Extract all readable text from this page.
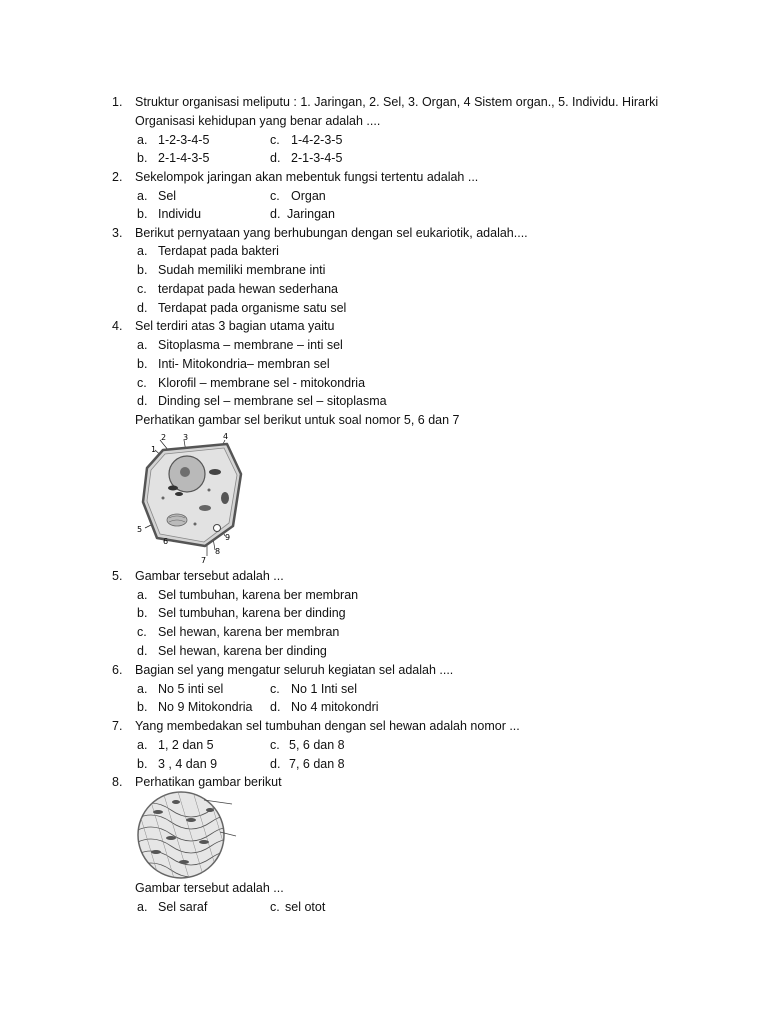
1. Struktur organisasi meliputu : 1. Jaringan, 2. Sel, 3. Organ, 4 Sistem organ., 5. Individu. Hirarki
Organisasi kehidupan yang benar adalah ....
a. 1-2-3-4-5	c. 1-4-2-3-5
b. 2-1-4-3-5	d. 2-1-3-4-5
2. Sekelompok jaringan akan mebentuk fungsi tertentu adalah ...
a. Sel	c. Organ
b. Individu	d. Jaringan
3. Berikut pernyataan yang berhubungan dengan sel eukariotik, adalah....
a. Terdapat pada bakteri
b. Sudah memiliki membrane inti
c. terdapat pada hewan sederhana
d. Terdapat pada organisme satu sel
4. Sel terdiri atas 3 bagian utama yaitu
a. Sitoplasma – membrane – inti sel
b. Inti- Mitokondria– membran sel
c. Klorofil – membrane sel - mitokondria
d. Dinding sel – membrane sel – sitoplasma
Perhatikan gambar sel berikut untuk soal nomor 5, 6 dan 7
2 3	4
1
5
6
7
8
9
5. Gambar tersebut adalah ...
a. Sel tumbuhan, karena ber membran
b. Sel tumbuhan, karena ber dinding
c. Sel hewan, karena ber membran
d. Sel hewan, karena ber dinding
6. Bagian sel yang mengatur seluruh kegiatan sel adalah ....
a. No 5 inti sel	c. No 1 Inti sel
b. No 9 Mitokondria d. No 4 mitokondri
7. Yang membedakan sel tumbuhan dengan sel hewan adalah nomor ...
a. 1, 2 dan 5	c. 5, 6 dan 8
b. 3 , 4 dan 9	d. 7, 6 dan 8
8. Perhatikan gambar berikut
Gambar tersebut adalah ...
a. Sel saraf	c. sel otot
